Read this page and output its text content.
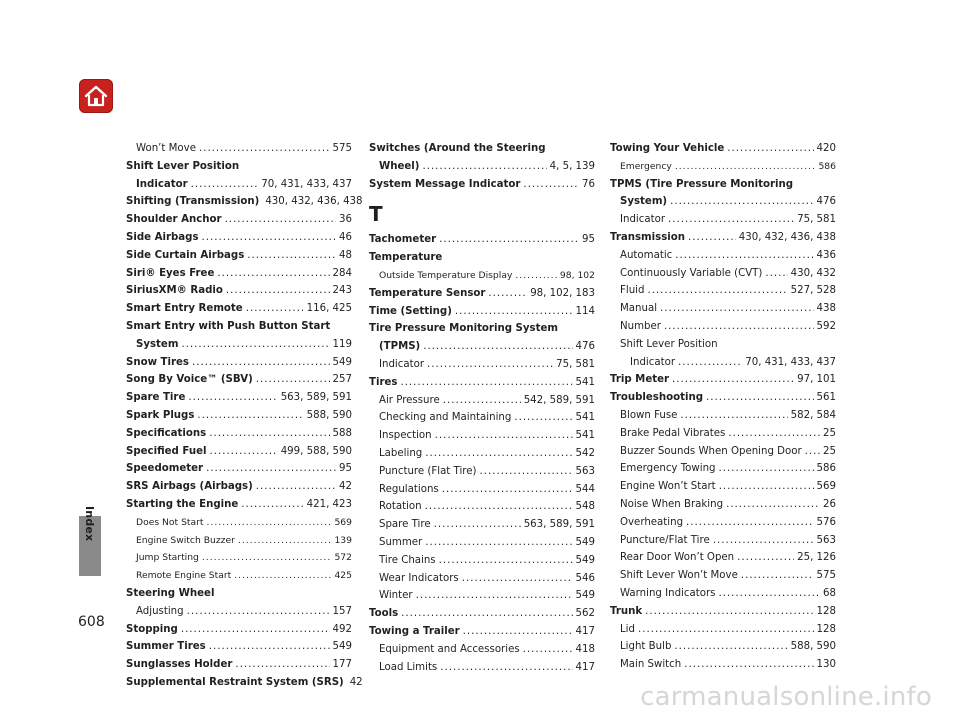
Index
Won’t Move .....	575
Shift Lever Position
Indicator .....	70, 431, 433, 437
Shifting (Transmission) 430, 432, 436, 438
Shoulder Anchor .....	36
Side Airbags .....	46
Side Curtain Airbags .....	48
Siri® Eyes Free .....	284
SiriusXM® Radio .....	243
Smart Entry Remote .....	116, 425
Smart Entry with Push Button Start
System .....	119
Snow Tires .....	549
Song By Voice™ (SBV) .....	257
Spare Tire .....	563, 589, 591
Spark Plugs .....	588, 590
Specifications .....	588
Specified Fuel .....	499, 588, 590
Speedometer .....	95
SRS Airbags (Airbags) .....	42
Starting the Engine .....	421, 423
Does Not Start .....	569
Engine Switch Buzzer .....	139
Jump Starting .....	572
Remote Engine Start .....	425
Steering Wheel
Adjusting .....	157
Stopping .....	492
Summer Tires .....	549
Sunglasses Holder .....	177
Supplemental Restraint System (SRS) 42
Switches (Around the Steering
Wheel) .....	4, 5, 139
System Message Indicator .....	76
T
Tachometer .....	95
Temperature
Outside Temperature Display .....	98, 102
Temperature Sensor .....	98, 102, 183
Time (Setting) .....	114
Tire Pressure Monitoring System
(TPMS) .....	476
Indicator .....	75, 581
Tires .....	541
Air Pressure .....	542, 589, 591
Checking and Maintaining .....	541
Inspection .....	541
Labeling .....	542
Puncture (Flat Tire) .....	563
Regulations .....	544
Rotation .....	548
Spare Tire .....	563, 589, 591
Summer .....	549
Tire Chains .....	549
Wear Indicators .....	546
Winter .....	549
Tools .....	562
Towing a Trailer .....	417
Equipment and Accessories .....	418
Load Limits .....	417
Towing Your Vehicle .....	420
Emergency .....	586
TPMS (Tire Pressure Monitoring
System) .....	476
Indicator .....	75, 581
Transmission .....	430, 432, 436, 438
Automatic .....	436
Continuously Variable (CVT) .....	430, 432
Fluid .....	527, 528
Manual .....	438
Number .....	592
Shift Lever Position
Indicator .....	70, 431, 433, 437
Trip Meter .....	97, 101
Troubleshooting .....	561
Blown Fuse .....	582, 584
Brake Pedal Vibrates .....	25
Buzzer Sounds When Opening Door ..... 25
Emergency Towing .....	586
Engine Won’t Start .....	569
Noise When Braking .....	26
Overheating .....	576
Puncture/Flat Tire .....	563
Rear Door Won’t Open .....	25, 126
Shift Lever Won’t Move .....	575
Warning Indicators .....	68
Trunk .....	128
Lid .....	128
Light Bulb .....	588, 590
Main Switch .....	130
608
carmanualsonline.info
